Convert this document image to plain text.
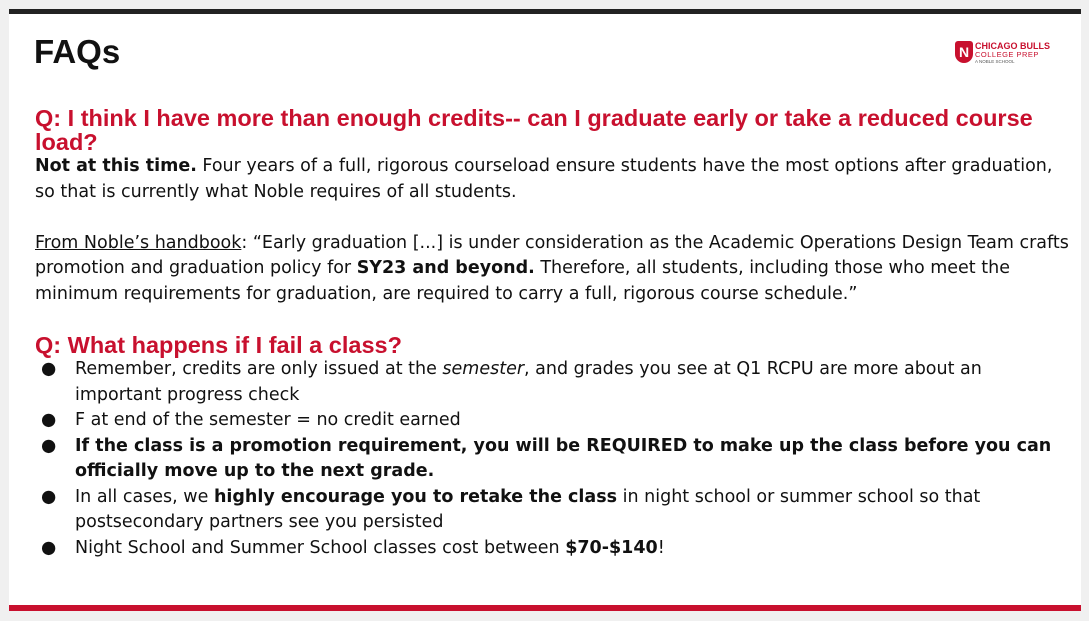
FAQs	N CHICAGO BULLS
COLLEGE PREP
A NOBLE SCHOOL

Q: I think I have more than enough credits-- can I graduate early or take a reduced course load?

Not at this time. Four years of a full, rigorous courseload ensure students have the most options after graduation, so that is currently what Noble requires of all students.

From Noble’s handbook: “Early graduation [...] is under consideration as the Academic Operations Design Team crafts promotion and graduation policy for SY23 and beyond. Therefore, all students, including those who meet the minimum requirements for graduation, are required to carry a full, rigorous course schedule.”

Q: What happens if I fail a class?

● Remember, credits are only issued at the semester, and grades you see at Q1 RCPU are more about an important progress check
● F at end of the semester = no credit earned
● If the class is a promotion requirement, you will be REQUIRED to make up the class before you can officially move up to the next grade.
● In all cases, we highly encourage you to retake the class in night school or summer school so that postsecondary partners see you persisted
● Night School and Summer School classes cost between $70-$140!
